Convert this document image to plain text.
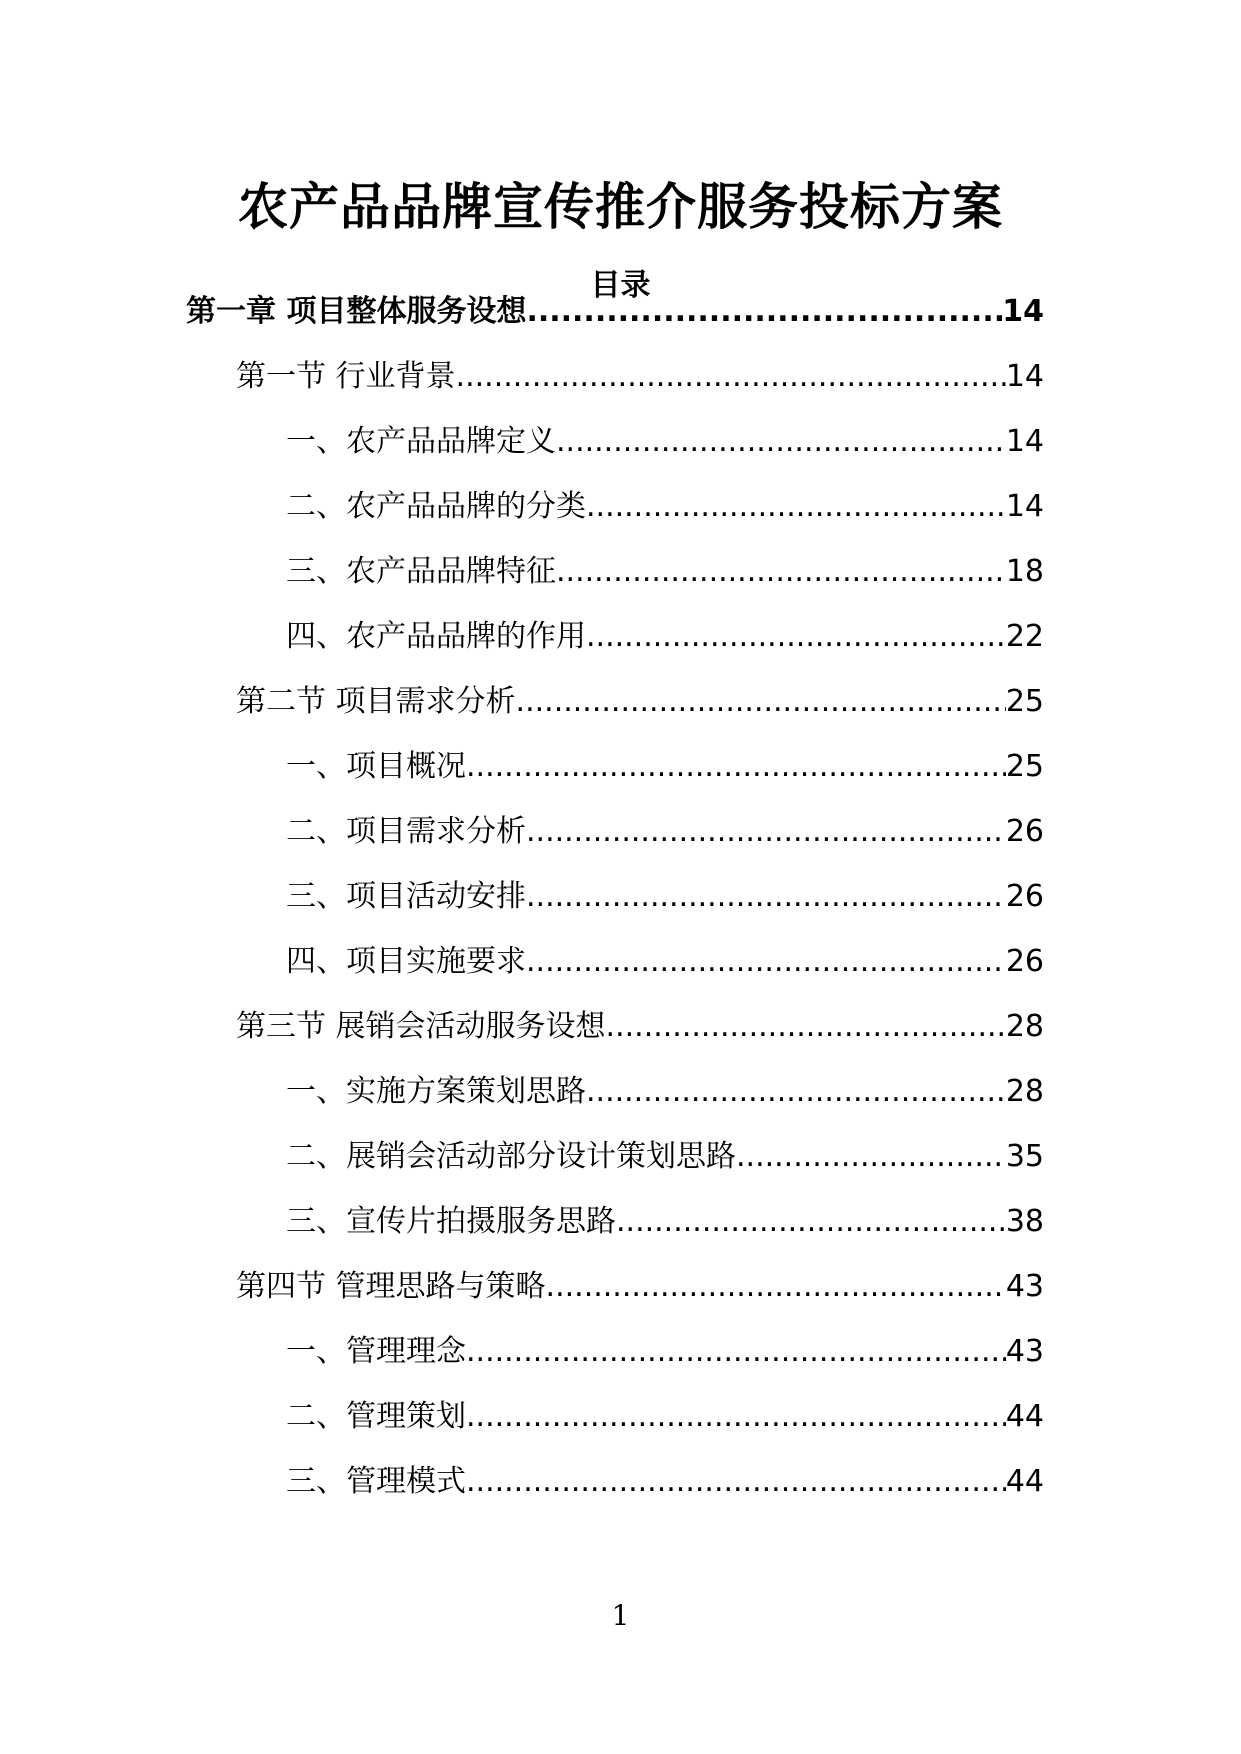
农产品品牌宣传推介服务投标方案
目录
第一章 项目整体服务设想 .....	14
第一节 行业背景 .....	14
一、农产品品牌定义 .....	14
二、农产品品牌的分类 .....	14
三、农产品品牌特征 .....	18
四、农产品品牌的作用 .....	22
第二节 项目需求分析 .....	25
一、项目概况 .....	25
二、项目需求分析 .....	26
三、项目活动安排 .....	26
四、项目实施要求 .....	26
第三节 展销会活动服务设想 .....	28
一、实施方案策划思路 .....	28
二、展销会活动部分设计策划思路 .....	35
三、宣传片拍摄服务思路 .....	38
第四节 管理思路与策略 .....	43
一、管理理念 .....	43
二、管理策划 .....	44
三、管理模式 .....	44
1
